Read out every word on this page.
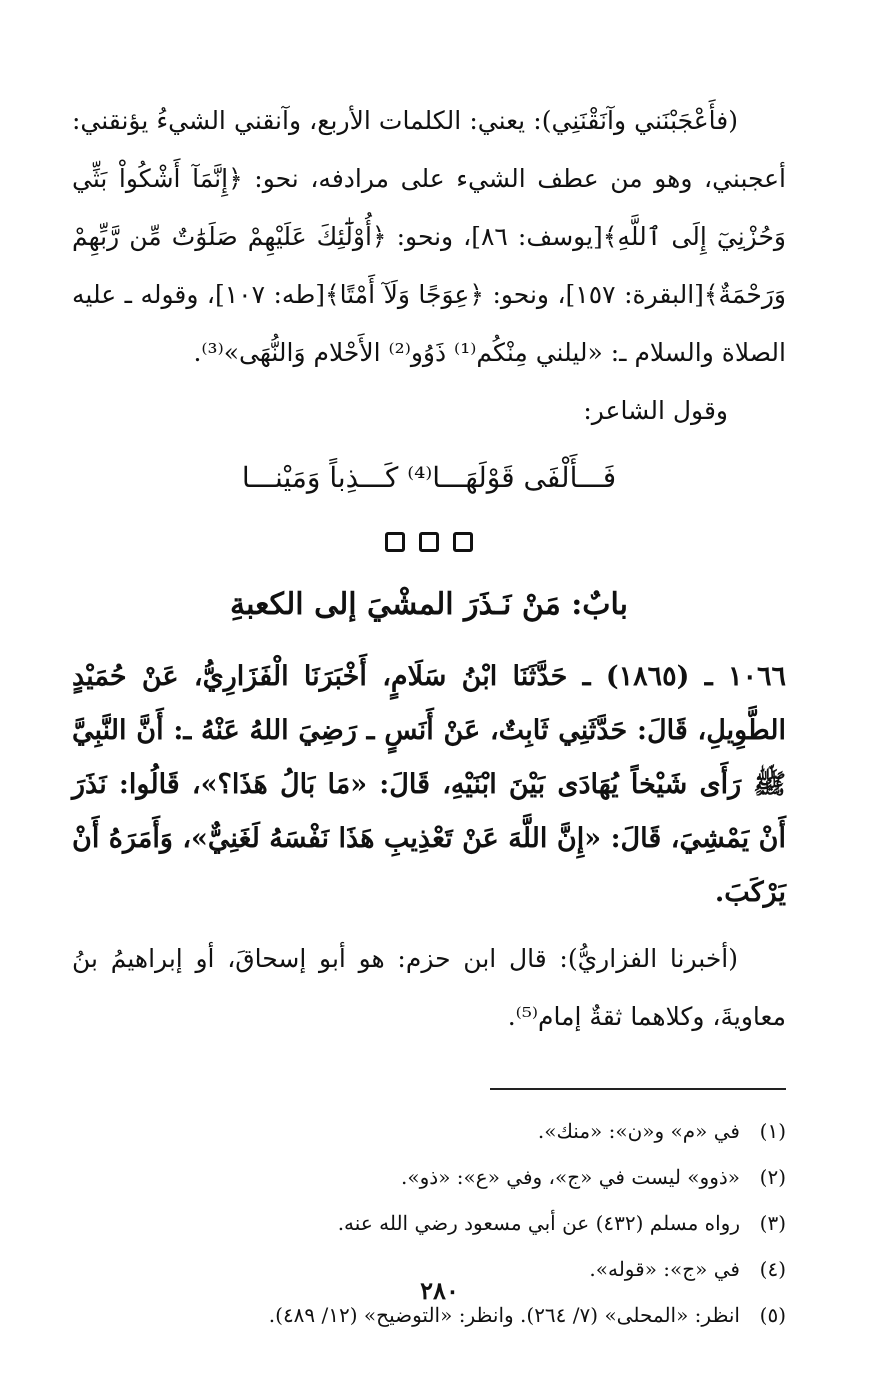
(فأَعْجَبْنَني وآنَقْنَنِي): يعني: الكلمات الأربع، وآنقني الشيءُ يؤنقني: أعجبني، وهو من عطف الشيء على مرادفه، نحو: ﴿إِنَّمَآ أَشْكُواْ بَثِّي وَحُزْنِيٓ إِلَى ٱللَّهِ﴾[يوسف: ٨٦]، ونحو: ﴿أُوْلَٰٓئِكَ عَلَيْهِمْ صَلَوَٰتٌ مِّن رَّبِّهِمْ وَرَحْمَةٌ﴾[البقرة: ١٥٧]، ونحو: ﴿عِوَجًا وَلَآ أَمْتًا﴾[طه: ١٠٧]، وقوله ـ عليه الصلاة والسلام ـ: «ليلني مِنْكُم⁽¹⁾ ذَوُو⁽²⁾ الأَحْلام وَالنُّهَى»⁽³⁾.

وقول الشاعر:

فَـــأَلْفَى قَوْلَهَـــا⁽⁴⁾ كَـــذِباً وَمَيْنـــا
بابٌ: مَنْ نَـذَرَ المشْيَ إلى الكعبةِ

١٠٦٦ ـ (١٨٦٥) ـ حَدَّثَنَا ابْنُ سَلَامٍ، أَخْبَرَنَا الْفَزَارِيُّ، عَنْ حُمَيْدٍ الطَّوِيلِ، قَالَ: حَدَّثَنِي ثَابِتٌ، عَنْ أَنَسٍ ـ رَضِيَ اللهُ عَنْهُ ـ: أَنَّ النَّبِيَّ ﷺ رَأَى شَيْخاً يُهَادَى بَيْنَ ابْنَيْهِ، قَالَ: «مَا بَالُ هَذَا؟»، قَالُوا: نَذَرَ أَنْ يَمْشِيَ، قَالَ: «إِنَّ اللَّهَ عَنْ تَعْذِيبِ هَذَا نَفْسَهُ لَغَنِيٌّ»، وَأَمَرَهُ أَنْ يَرْكَبَ.

(أخبرنا الفزاريُّ): قال ابن حزم: هو أبو إسحاقَ، أو إبراهيمُ بنُ معاويةَ، وكلاهما ثقةٌ إمام⁽⁵⁾.

(١)
في «م» و«ن»: «منك».
(٢)
«ذوو» ليست في «ج»، وفي «ع»: «ذو».
(٣)
رواه مسلم (٤٣٢) عن أبي مسعود رضي الله عنه.
(٤)
في «ج»: «قوله».
(٥)
انظر: «المحلى» (٧/ ٢٦٤). وانظر: «التوضيح» (١٢/ ٤٨٩).
٢٨٠
